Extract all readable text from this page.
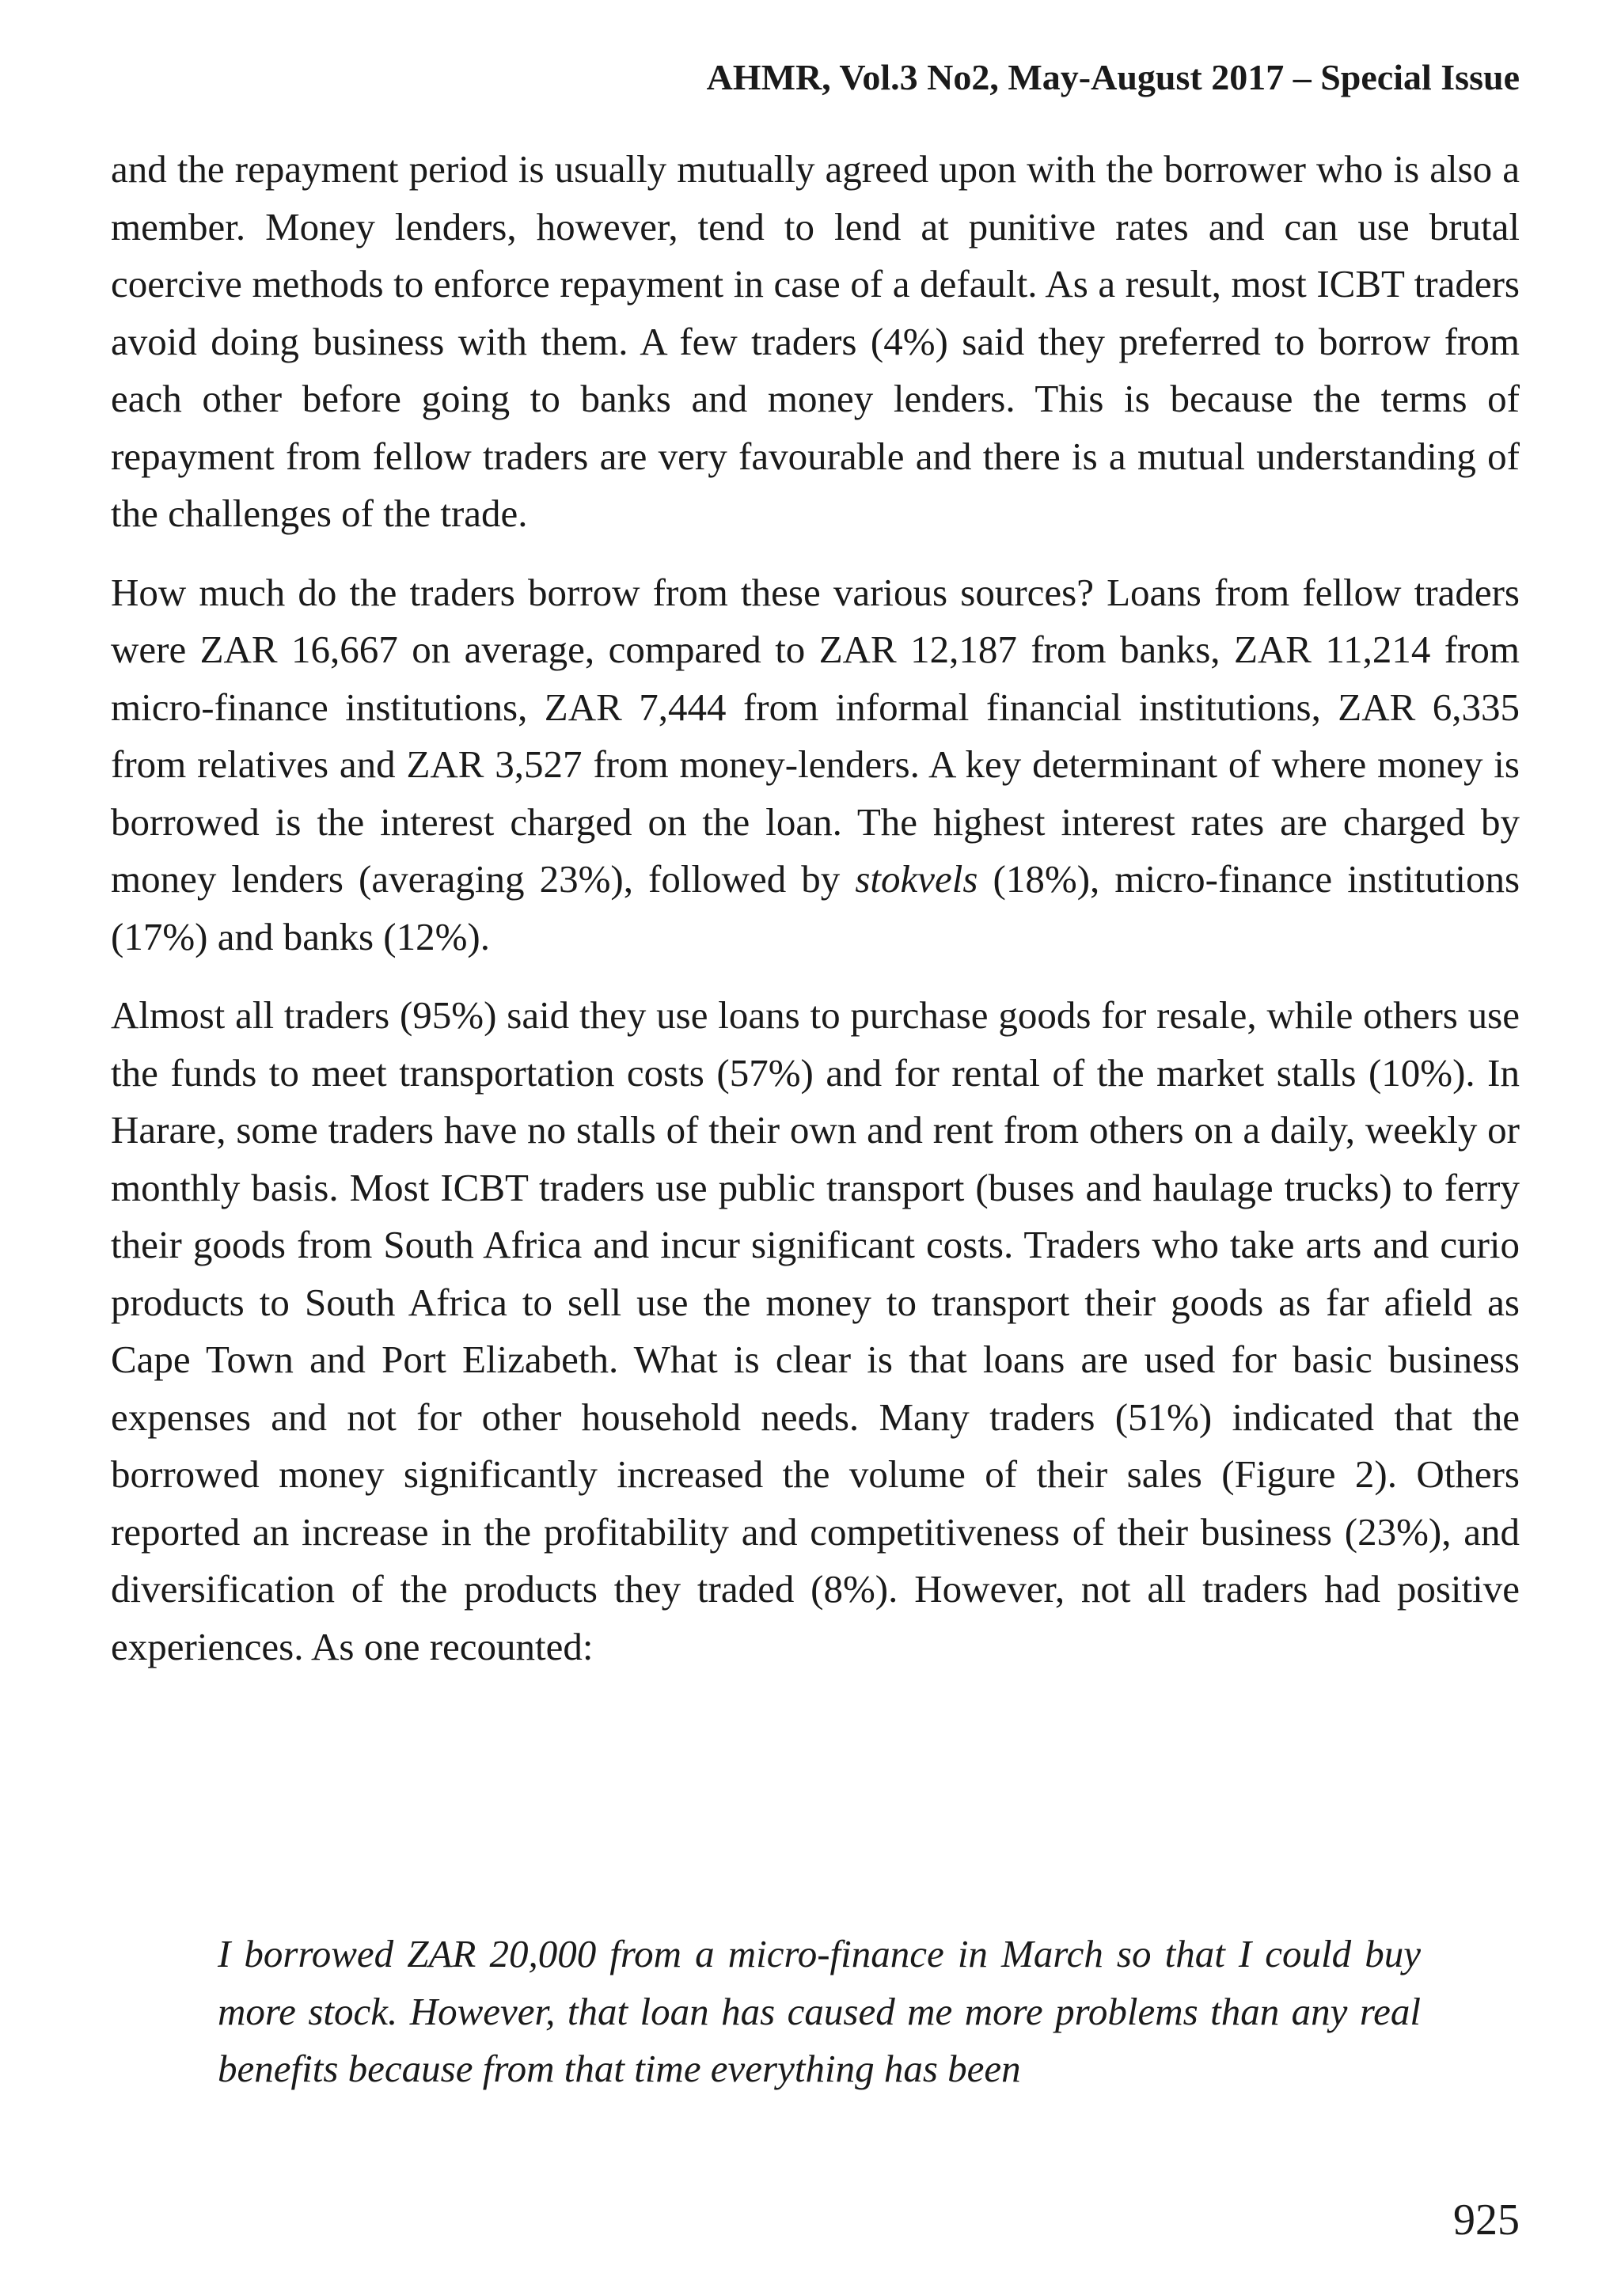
AHMR, Vol.3 No2, May-August 2017 – Special Issue

and the repayment period is usually mutually agreed upon with the borrower who is also a member. Money lenders, however, tend to lend at punitive rates and can use brutal coercive methods to enforce repayment in case of a default. As a result, most ICBT traders avoid doing business with them. A few traders (4%) said they preferred to borrow from each other before going to banks and money lenders. This is because the terms of repayment from fellow traders are very favourable and there is a mutual understanding of the challenges of the trade.

How much do the traders borrow from these various sources? Loans from fellow traders were ZAR 16,667 on average, compared to ZAR 12,187 from banks, ZAR 11,214 from micro-finance institutions, ZAR 7,444 from informal financial institutions, ZAR 6,335 from relatives and ZAR 3,527 from money-lenders. A key determinant of where money is borrowed is the interest charged on the loan. The highest interest rates are charged by money lenders (averaging 23%), followed by stokvels (18%), micro-finance institutions (17%) and banks (12%).

Almost all traders (95%) said they use loans to purchase goods for resale, while others use the funds to meet transportation costs (57%) and for rental of the market stalls (10%). In Harare, some traders have no stalls of their own and rent from others on a daily, weekly or monthly basis. Most ICBT traders use public transport (buses and haulage trucks) to ferry their goods from South Africa and incur significant costs. Traders who take arts and curio products to South Africa to sell use the money to transport their goods as far afield as Cape Town and Port Elizabeth. What is clear is that loans are used for basic business expenses and not for other household needs. Many traders (51%) indicated that the borrowed money significantly increased the volume of their sales (Figure 2). Others reported an increase in the profitability and competitiveness of their business (23%), and diversification of the products they traded (8%). However, not all traders had positive experiences. As one recounted:

I borrowed ZAR 20,000 from a micro-finance in March so that I could buy more stock. However, that loan has caused me more problems than any real benefits because from that time everything has been

925
